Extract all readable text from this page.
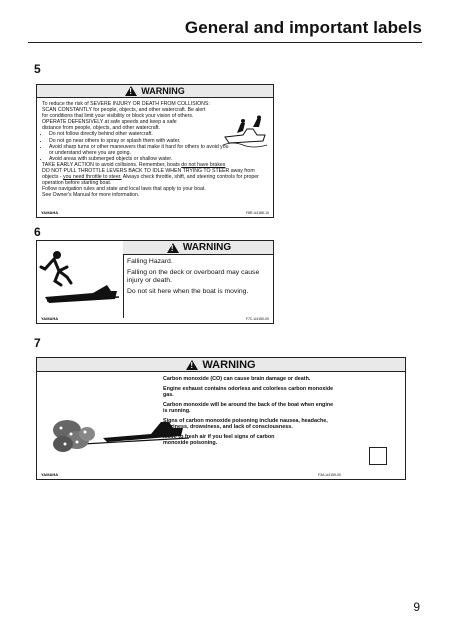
General and important labels
5
!
WARNING
To reduce the risk of SEVERE INJURY OR DEATH FROM COLLISIONS:
SCAN CONSTANTLY for people, objects, and other watercraft. Be alert for conditions that limit your visibility or block your vision of others.
OPERATE DEFENSIVELY at safe speeds and keep a safe distance from people, objects, and other watercraft.
• Do not follow directly behind other watercraft.
• Do not go near others to spray or splash them with water.
• Avoid sharp turns or other maneuvers that make it hard for others to avoid you or understand where you are going.
• Avoid areas with submerged objects or shallow water.
TAKE EARLY ACTION to avoid collisions. Remember, boats do not have brakes
DO NOT PULL THROTTLE LEVERS BACK TO IDLE WHEN TRYING TO STEER away from objects - you need throttle to steer. Always check throttle, shift, and steering controls for proper operation before starting boat.
Follow navigation rules and state and local laws that apply to your boat.
See Owner's Manual for more information.
YAMAHA	F8R-U4186-10
6
!
WARNING
Falling Hazard.
Falling on the deck or overboard may cause injury or death.
Do not sit here when the boat is moving.
YAMAHA	F7C-U4150-00
7
!
WARNING
Carbon monoxide (CO) can cause brain damage or death.
Engine exhaust contains odorless and colorless carbon monoxide gas.
Carbon monoxide will be around the back of the boat when engine is running.
Signs of carbon monoxide poisoning include nausea, headache, dizziness, drowsiness, and lack of consciousness.
Move to fresh air if you feel signs of carbon monoxide poisoning.
YAMAHA	F3A-U4159-00
9
